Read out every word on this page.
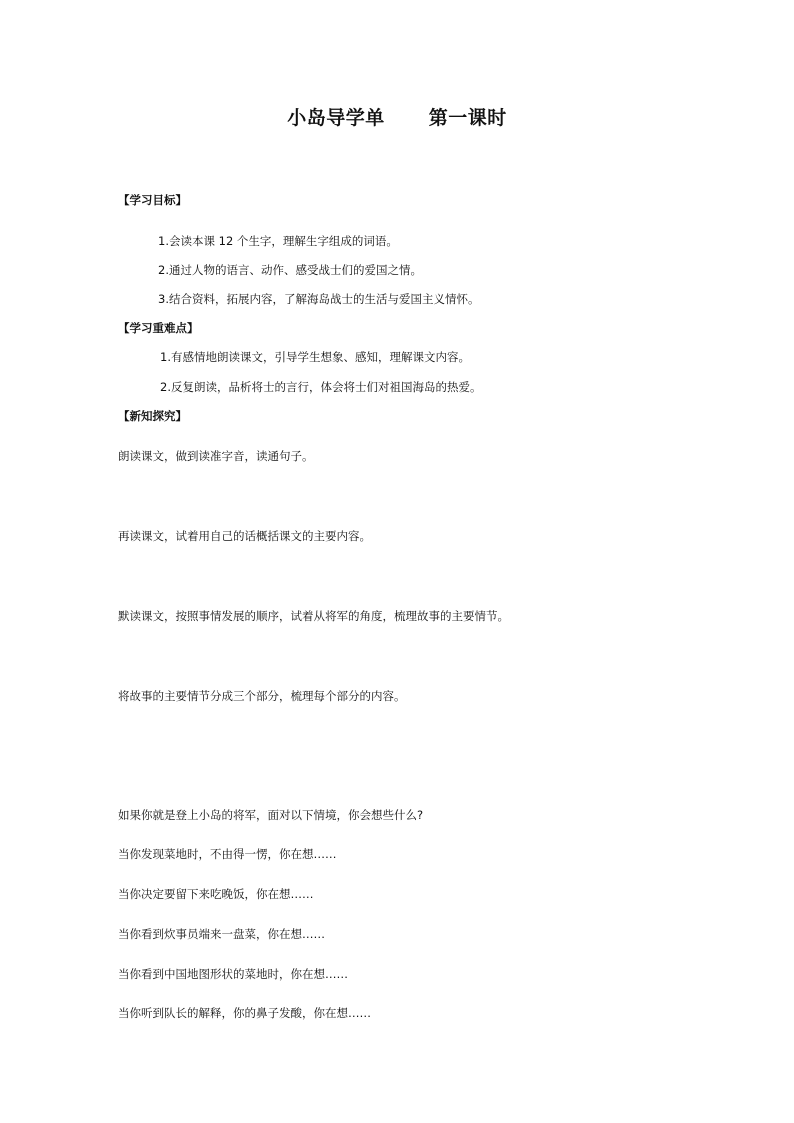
小岛导学单 第一课时
【学习目标】
1.会读本课 12 个生字，理解生字组成的词语。
2.通过人物的语言、动作、感受战士们的爱国之情。
3.结合资料，拓展内容，了解海岛战士的生活与爱国主义情怀。
【学习重难点】
1.有感情地朗读课文，引导学生想象、感知，理解课文内容。
2.反复朗读，品析将士的言行，体会将士们对祖国海岛的热爱。
【新知探究】
朗读课文，做到读准字音，读通句子。
再读课文，试着用自己的话概括课文的主要内容。
默读课文，按照事情发展的顺序，试着从将军的角度，梳理故事的主要情节。
将故事的主要情节分成三个部分，梳理每个部分的内容。
如果你就是登上小岛的将军，面对以下情境，你会想些什么?
当你发现菜地时，不由得一愣，你在想……
当你决定要留下来吃晚饭，你在想……
当你看到炊事员端来一盘菜，你在想……
当你看到中国地图形状的菜地时，你在想……
当你听到队长的解释，你的鼻子发酸，你在想……
